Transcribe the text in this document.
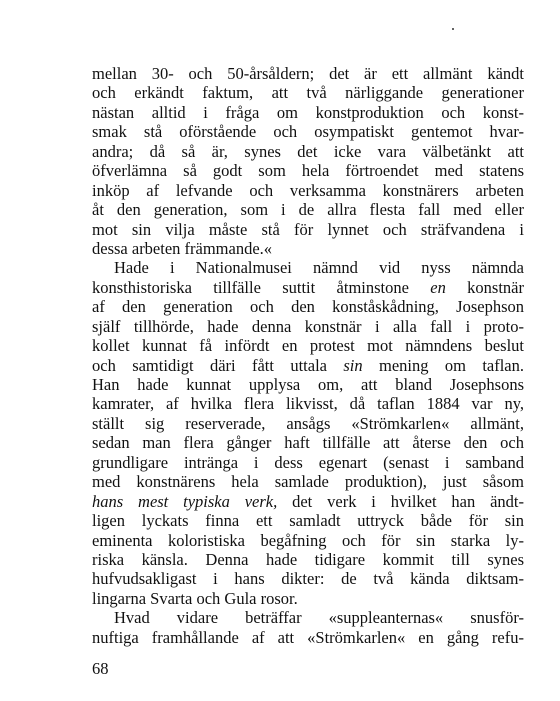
mellan 30- och 50-årsåldern; det är ett allmänt kändt
och erkändt faktum, att två närliggande generationer
nästan alltid i fråga om konstproduktion och konst-
smak stå oförstående och osympatiskt gentemot hvar-
andra; då så är, synes det icke vara välbetänkt att
öfverlämna så godt som hela förtroendet med statens
inköp af lefvande och verksamma konstnärers arbeten
åt den generation, som i de allra flesta fall med eller
mot sin vilja måste stå för lynnet och sträfvandena i
dessa arbeten främmande.«
Hade i Nationalmusei nämnd vid nyss nämnda
konsthistoriska tillfälle suttit åtminstone en konstnär
af den generation och den konståskådning, Josephson
själf tillhörde, hade denna konstnär i alla fall i proto-
kollet kunnat få infördt en protest mot nämndens beslut
och samtidigt däri fått uttala sin mening om taflan.
Han hade kunnat upplysa om, att bland Josephsons
kamrater, af hvilka flera likvisst, då taflan 1884 var ny,
ställt sig reserverade, ansågs «Strömkarlen« allmänt,
sedan man flera gånger haft tillfälle att återse den och
grundligare intränga i dess egenart (senast i samband
med konstnärens hela samlade produktion), just såsom
hans mest typiska verk, det verk i hvilket han ändt-
ligen lyckats finna ett samladt uttryck både för sin
eminenta koloristiska begåfning och för sin starka ly-
riska känsla. Denna hade tidigare kommit till synes
hufvudsakligast i hans dikter: de två kända diktsam-
lingarna Svarta och Gula rosor.
Hvad vidare beträffar «suppleanternas« snusför-
nuftiga framhållande af att «Strömkarlen« en gång refu-
68
